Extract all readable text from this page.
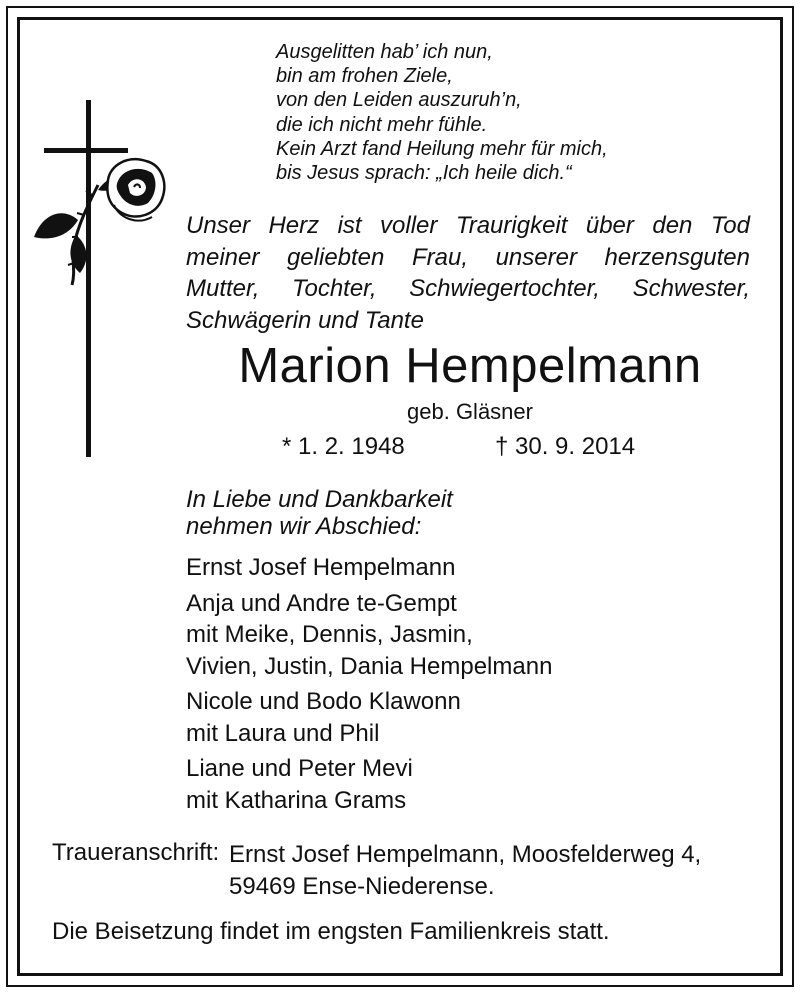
Ausgelitten hab’ ich nun,
bin am frohen Ziele,
von den Leiden auszuruh’n,
die ich nicht mehr fühle.
Kein Arzt fand Heilung mehr für mich,
bis Jesus sprach: „Ich heile dich.“
Unser Herz ist voller Traurigkeit über den Tod
meiner geliebten Frau, unserer herzensguten
Mutter, Tochter, Schwiegertochter, Schwester,
Schwägerin und Tante
Marion Hempelmann
geb. Gläsner
* 1. 2. 1948	† 30. 9. 2014
In Liebe und Dankbarkeit
nehmen wir Abschied:
Ernst Josef Hempelmann
Anja und Andre te-Gempt
mit Meike, Dennis, Jasmin,
Vivien, Justin, Dania Hempelmann
Nicole und Bodo Klawonn
mit Laura und Phil
Liane und Peter Mevi
mit Katharina Grams
Traueranschrift: Ernst Josef Hempelmann, Moosfelderweg 4,
59469 Ense-Niederense.
Die Beisetzung findet im engsten Familienkreis statt.
